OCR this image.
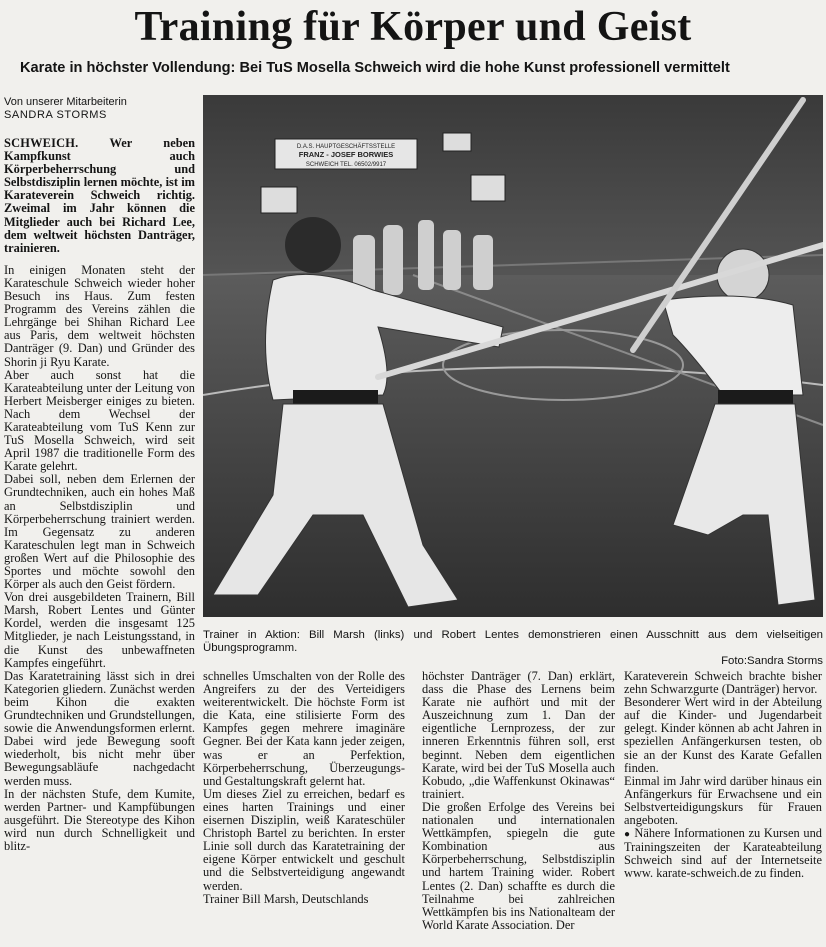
Training für Körper und Geist
Karate in höchster Vollendung: Bei TuS Mosella Schweich wird die hohe Kunst professionell vermittelt
Von unserer Mitarbeiterin
SANDRA STORMS

SCHWEICH. Wer neben Kampfkunst auch Körperbeherrschung und Selbstdisziplin lernen möchte, ist im Karateverein Schweich richtig. Zweimal im Jahr können die Mitglieder auch bei Richard Lee, dem weltweit höchsten Danträger, trainieren.

In einigen Monaten steht der Karateschule Schweich wieder hoher Besuch ins Haus. Zum festen Programm des Vereins zählen die Lehrgänge bei Shihan Richard Lee aus Paris, dem weltweit höchsten Danträger (9. Dan) und Gründer des Shorin ji Ryu Karate.

Aber auch sonst hat die Karateabteilung unter der Leitung von Herbert Meisberger einiges zu bieten. Nach dem Wechsel der Karateabteilung vom TuS Kenn zur TuS Mosella Schweich, wird seit April 1987 die traditionelle Form des Karate gelehrt.

Dabei soll, neben dem Erlernen der Grundtechniken, auch ein hohes Maß an Selbstdisziplin und Körperbeherrschung trainiert werden. Im Gegensatz zu anderen Karateschulen legt man in Schweich großen Wert auf die Philosophie des Sportes und möchte sowohl den Körper als auch den Geist fördern.

Von drei ausgebildeten Trainern, Bill Marsh, Robert Lentes und Günter Kordel, werden die insgesamt 125 Mitglieder, je nach Leistungsstand, in die Kunst des unbewaffneten Kampfes eingeführt.

Das Karatetraining lässt sich in drei Kategorien gliedern. Zunächst werden beim Kihon die exakten Grundtechniken und Grundstellungen, sowie die Anwendungsformen erlernt. Dabei wird jede Bewegung sooft wiederholt, bis nicht mehr über Bewegungsabläufe nachgedacht werden muss.

In der nächsten Stufe, dem Kumite, werden Partner- und Kampfübungen ausgeführt. Die Stereotype des Kihon wird nun durch Schnelligkeit und blitz-

D.A.S. HAUPTGESCHÄFTSSTELLE
FRANZ - JOSEF BORWIES
SCHWEICH TEL. 06502/9917
Trainer in Aktion: Bill Marsh (links) und Robert Lentes demonstrieren einen Ausschnitt aus dem vielseitigen Übungsprogramm.
Foto:Sandra Storms

schnelles Umschalten von der Rolle des Angreifers zu der des Verteidigers weiterentwickelt. Die höchste Form ist die Kata, eine stilisierte Form des Kampfes gegen mehrere imaginäre Gegner. Bei der Kata kann jeder zeigen, was er an Perfektion, Körperbeherrschung, Überzeugungs- und Gestaltungskraft gelernt hat.

Um dieses Ziel zu erreichen, bedarf es eines harten Trainings und einer eisernen Disziplin, weiß Karateschüler Christoph Bartel zu berichten. In erster Linie soll durch das Karatetraining der eigene Körper entwickelt und geschult und die Selbstverteidigung angewandt werden.

Trainer Bill Marsh, Deutschlands

höchster Danträger (7. Dan) erklärt, dass die Phase des Lernens beim Karate nie aufhört und mit der Auszeichnung zum 1. Dan der eigentliche Lernprozess, der zur inneren Erkenntnis führen soll, erst beginnt. Neben dem eigentlichen Karate, wird bei der TuS Mosella auch Kobudo, „die Waffenkunst Okinawas“ trainiert.

Die großen Erfolge des Vereins bei nationalen und internationalen Wettkämpfen, spiegeln die gute Kombination aus Körperbeherrschung, Selbstdisziplin und hartem Training wider. Robert Lentes (2. Dan) schaffte es durch die Teilnahme bei zahlreichen Wettkämpfen bis ins Nationalteam der World Karate Association. Der

Karateverein Schweich brachte bisher zehn Schwarzgurte (Danträger) hervor.

Besonderer Wert wird in der Abteilung auf die Kinder- und Jugendarbeit gelegt. Kinder können ab acht Jahren in speziellen Anfängerkursen testen, ob sie an der Kunst des Karate Gefallen finden.

Einmal im Jahr wird darüber hinaus ein Anfängerkurs für Erwachsene und ein Selbstverteidigungskurs für Frauen angeboten.

● Nähere Informationen zu Kursen und Trainingszeiten der Karateabteilung Schweich sind auf der Internetseite www. karate-schweich.de zu finden.
